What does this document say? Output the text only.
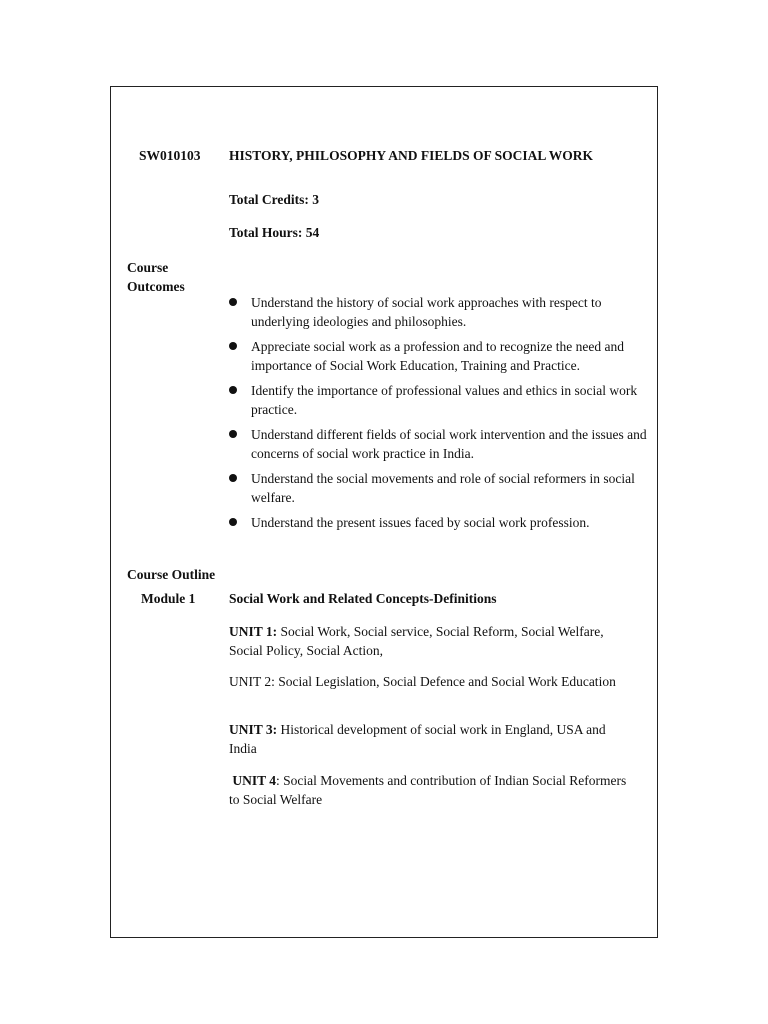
SW010103 HISTORY, PHILOSOPHY AND FIELDS OF SOCIAL WORK
Total Credits: 3
Total Hours: 54
Course Outcomes
Understand the history of social work approaches with respect to underlying ideologies and philosophies.
Appreciate social work as a profession and to recognize the need and importance of Social Work Education, Training and Practice.
Identify the importance of professional values and ethics in social work practice.
Understand different fields of social work intervention and the issues and concerns of social work practice in India.
Understand the social movements and role of social reformers in social welfare.
Understand the present issues faced by social work profession.
Course Outline
Module 1 Social Work and Related Concepts-Definitions
UNIT 1: Social Work, Social service, Social Reform, Social Welfare, Social Policy, Social Action,
UNIT 2: Social Legislation, Social Defence and Social Work Education
UNIT 3: Historical development of social work in England, USA and India
UNIT 4: Social Movements and contribution of Indian Social Reformers to Social Welfare
